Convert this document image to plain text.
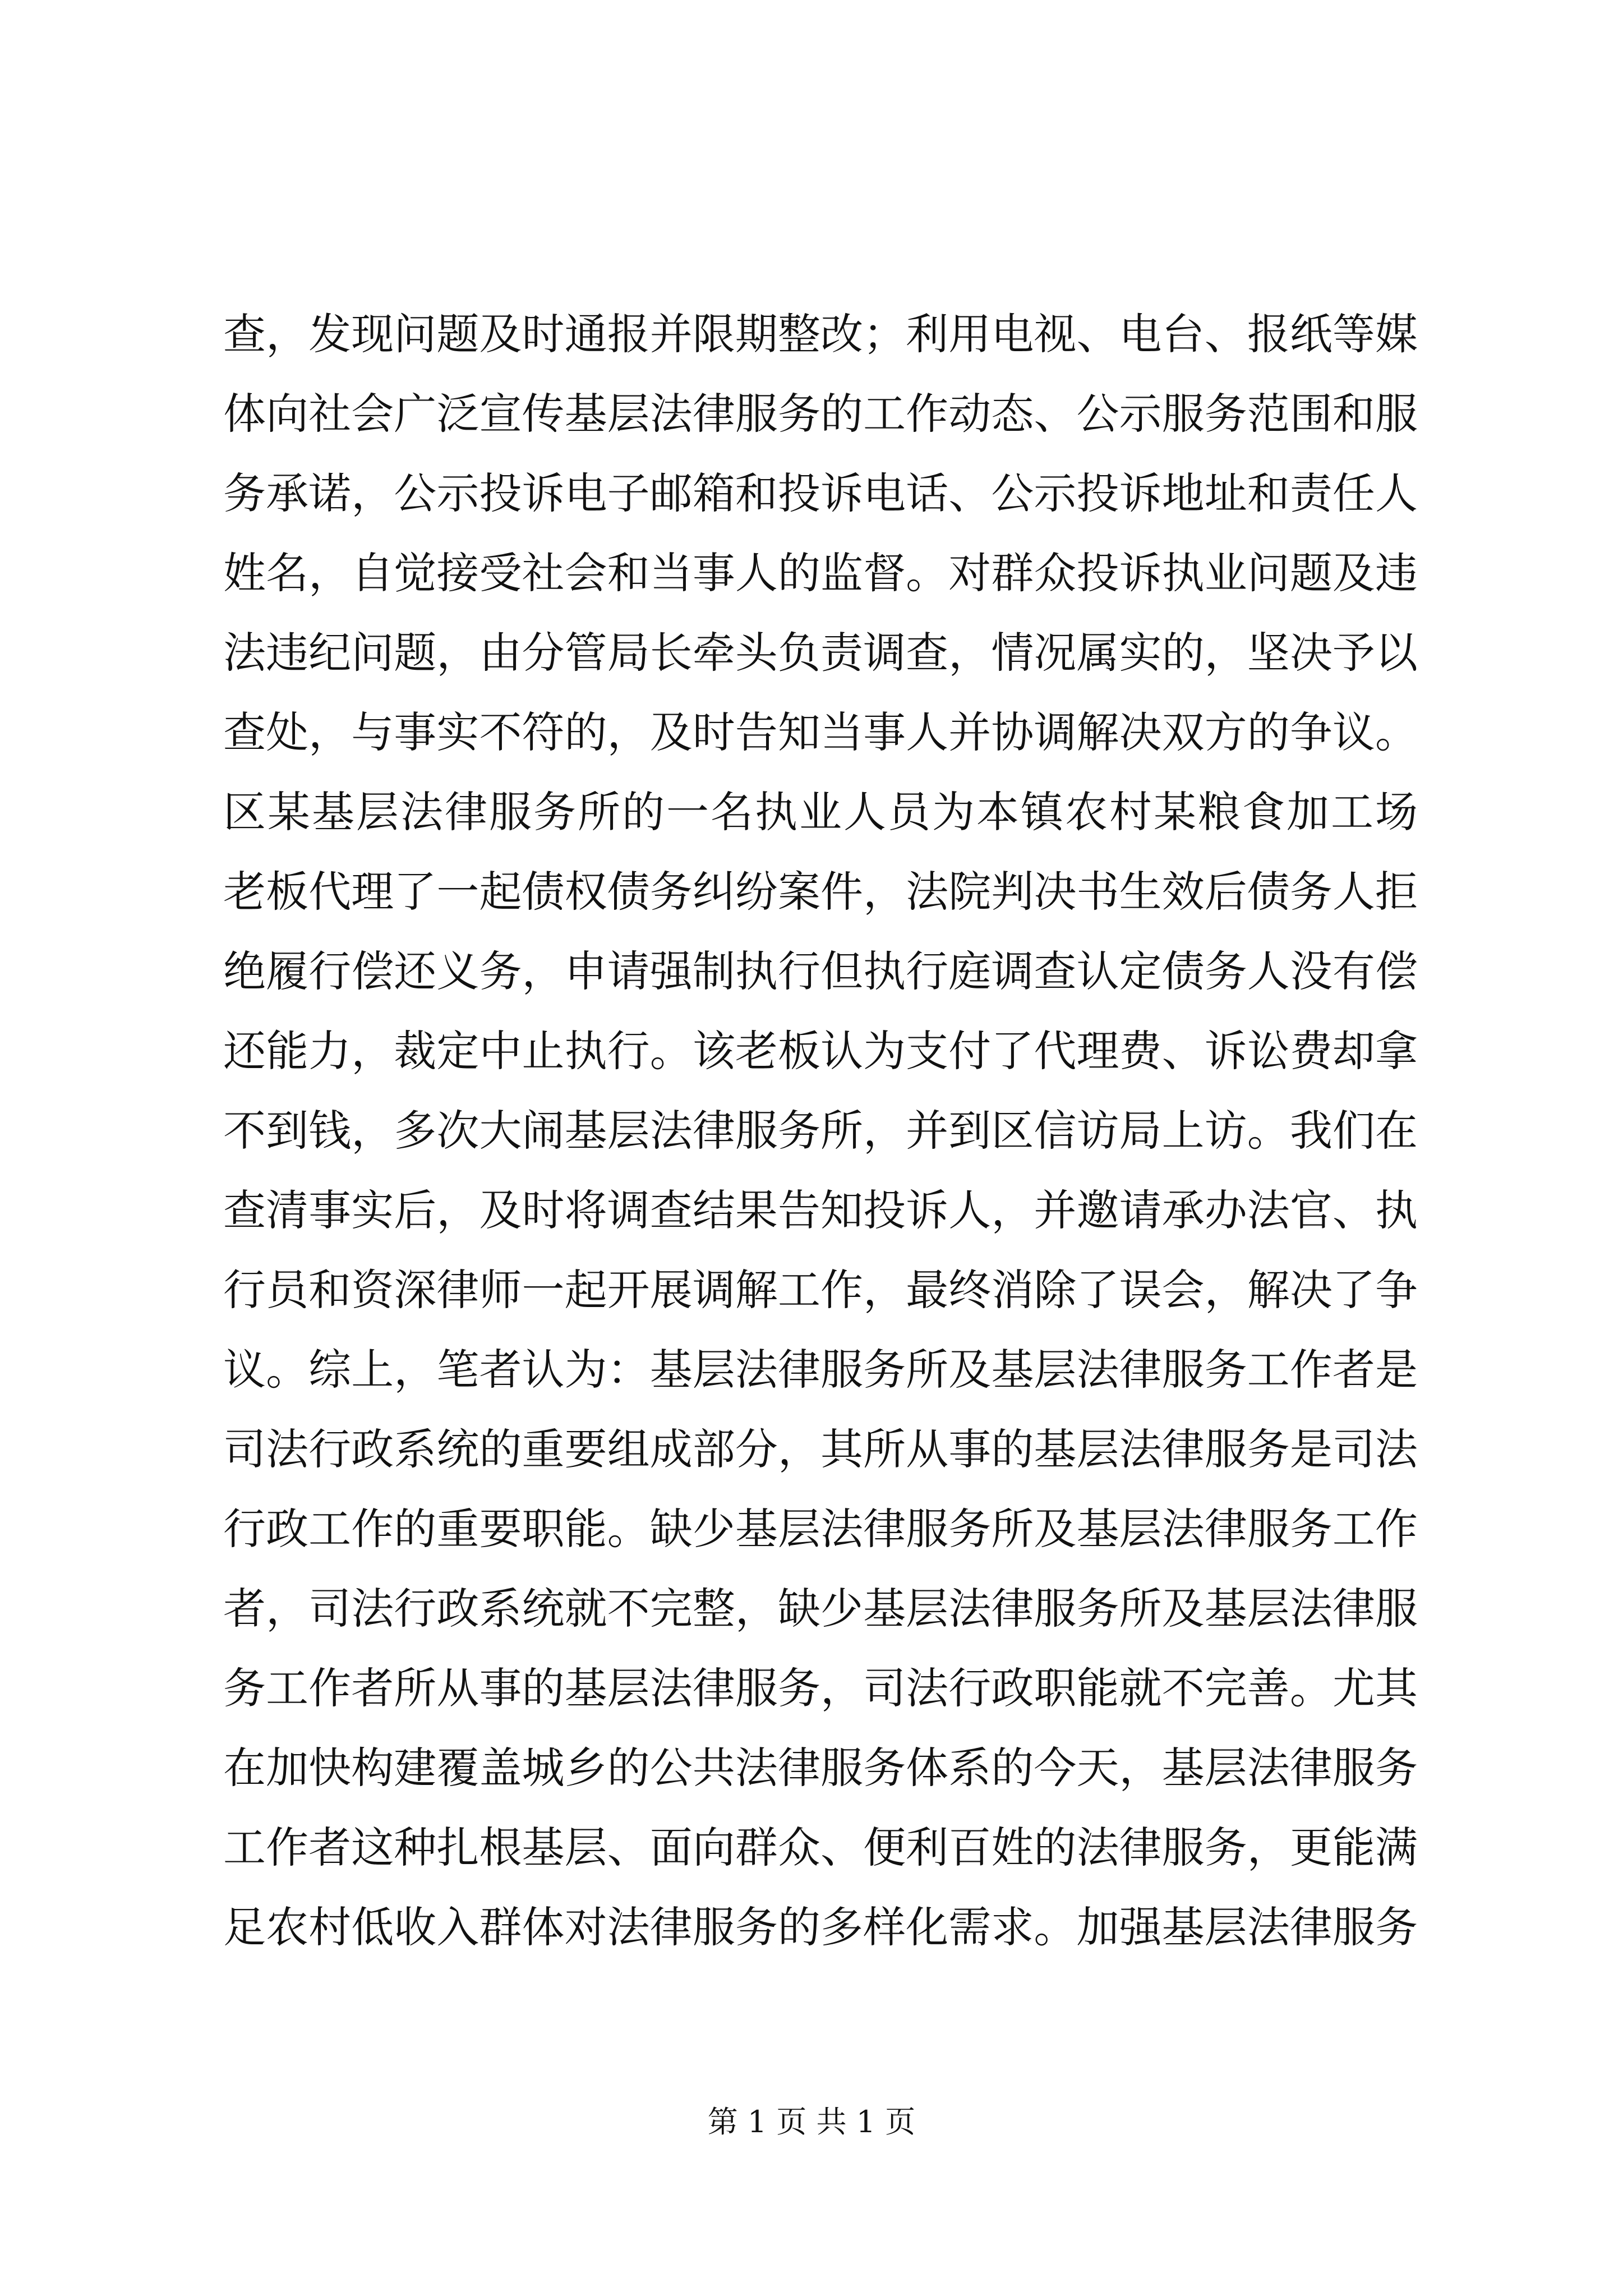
查，发现问题及时通报并限期整改；利用电视、电台、报纸等媒
体向社会广泛宣传基层法律服务的工作动态、公示服务范围和服
务承诺，公示投诉电子邮箱和投诉电话、公示投诉地址和责任人
姓名，自觉接受社会和当事人的监督。对群众投诉执业问题及违
法违纪问题，由分管局长牵头负责调查，情况属实的，坚决予以
查处，与事实不符的，及时告知当事人并协调解决双方的争议。
区某基层法律服务所的一名执业人员为本镇农村某粮食加工场
老板代理了一起债权债务纠纷案件，法院判决书生效后债务人拒
绝履行偿还义务，申请强制执行但执行庭调查认定债务人没有偿
还能力，裁定中止执行。该老板认为支付了代理费、诉讼费却拿
不到钱，多次大闹基层法律服务所，并到区信访局上访。我们在
查清事实后，及时将调查结果告知投诉人，并邀请承办法官、执
行员和资深律师一起开展调解工作，最终消除了误会，解决了争
议。综上，笔者认为：基层法律服务所及基层法律服务工作者是
司法行政系统的重要组成部分，其所从事的基层法律服务是司法
行政工作的重要职能。缺少基层法律服务所及基层法律服务工作
者，司法行政系统就不完整，缺少基层法律服务所及基层法律服
务工作者所从事的基层法律服务，司法行政职能就不完善。尤其
在加快构建覆盖城乡的公共法律服务体系的今天，基层法律服务
工作者这种扎根基层、面向群众、便利百姓的法律服务，更能满
足农村低收入群体对法律服务的多样化需求。加强基层法律服务
第 1 页 共 1 页
